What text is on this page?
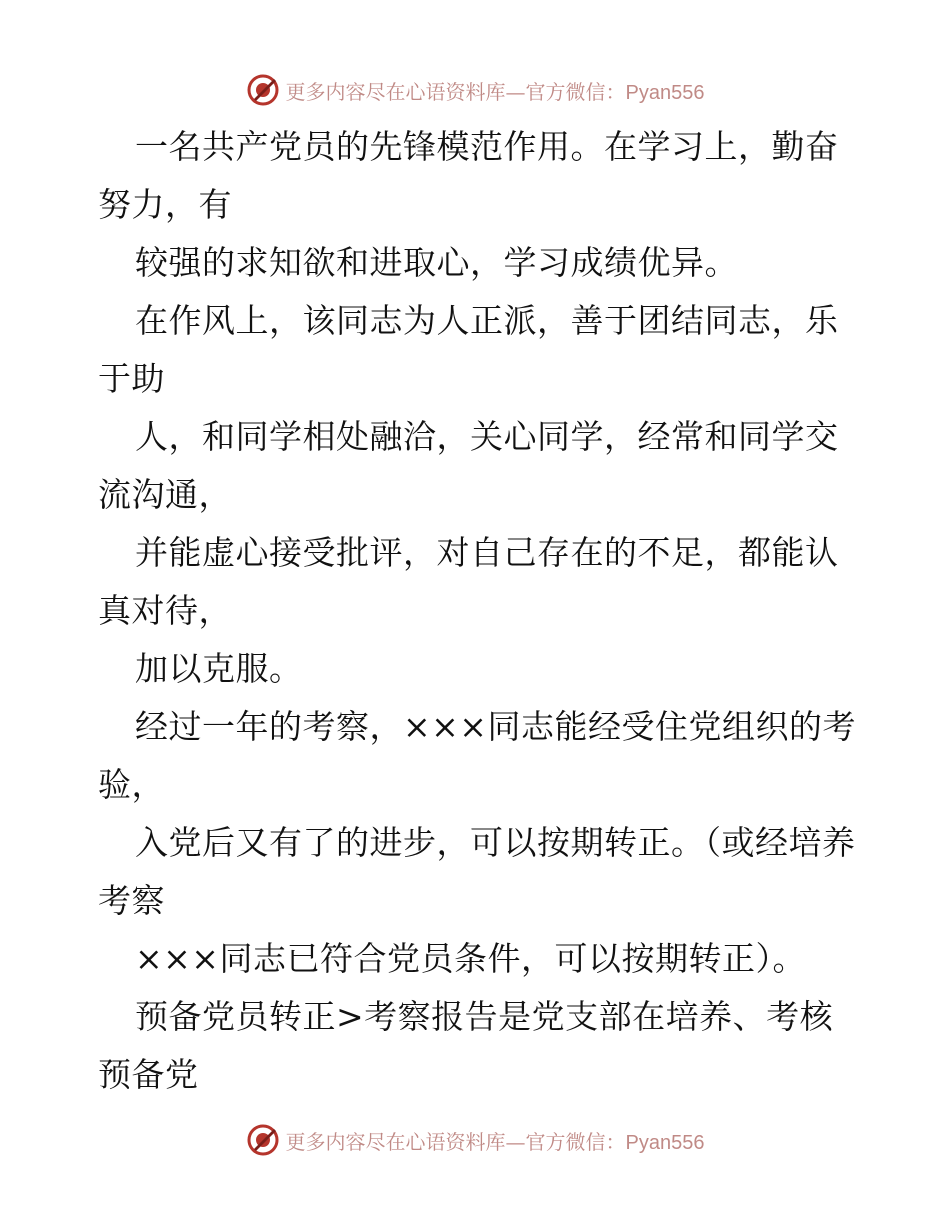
更多内容尽在心语资料库—官方微信：Pyan556

一名共产党员的先锋模范作用。在学习上，勤奋努力，有

较强的求知欲和进取心，学习成绩优异。

在作风上，该同志为人正派，善于团结同志，乐于助

人，和同学相处融洽，关心同学，经常和同学交流沟通，

并能虚心接受批评，对自己存在的不足，都能认真对待，

加以克服。

经过一年的考察，×××同志能经受住党组织的考验，

入党后又有了的进步，可以按期转正。（或经培养考察

×××同志已符合党员条件，可以按期转正）。

预备党员转正>考察报告是党支部在培养、考核预备党

更多内容尽在心语资料库—官方微信：Pyan556
